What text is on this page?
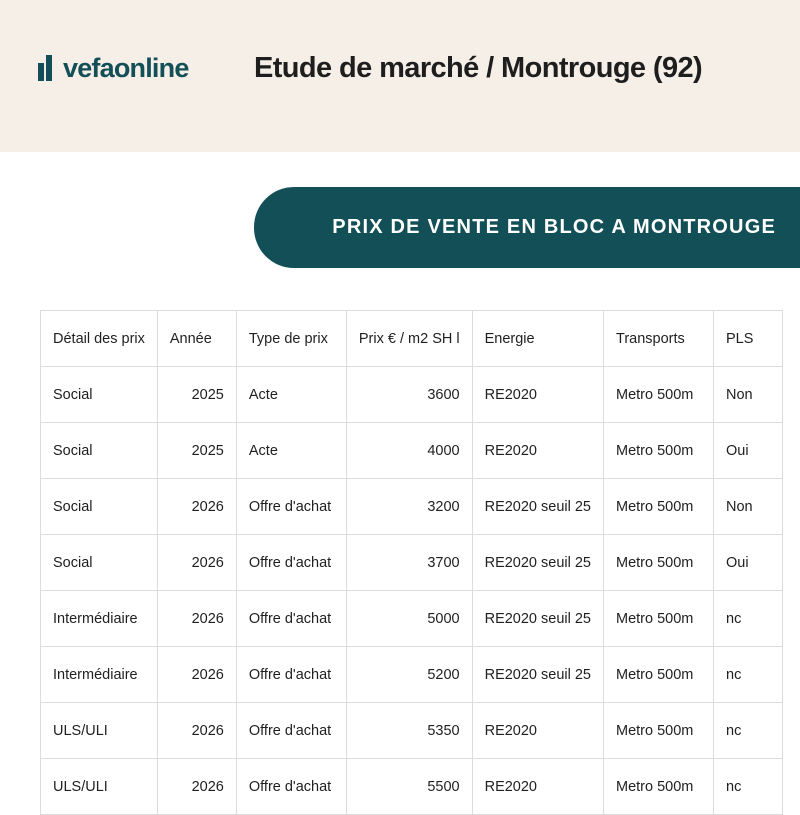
vefaonline Etude de marché / Montrouge (92)
PRIX DE VENTE EN BLOC A MONTROUGE
Détail des prix	Année	Type de prix	Prix € / m2 SH l	Energie	Transports	PLS
Social	2025	Acte	3600	RE2020	Metro 500m	Non
Social	2025	Acte	4000	RE2020	Metro 500m	Oui
Social	2026	Offre d'achat	3200	RE2020 seuil 25	Metro 500m	Non
Social	2026	Offre d'achat	3700	RE2020 seuil 25	Metro 500m	Oui
Intermédiaire	2026	Offre d'achat	5000	RE2020 seuil 25	Metro 500m	nc
Intermédiaire	2026	Offre d'achat	5200	RE2020 seuil 25	Metro 500m	nc
ULS/ULI	2026	Offre d'achat	5350	RE2020	Metro 500m	nc
ULS/ULI	2026	Offre d'achat	5500	RE2020	Metro 500m	nc
